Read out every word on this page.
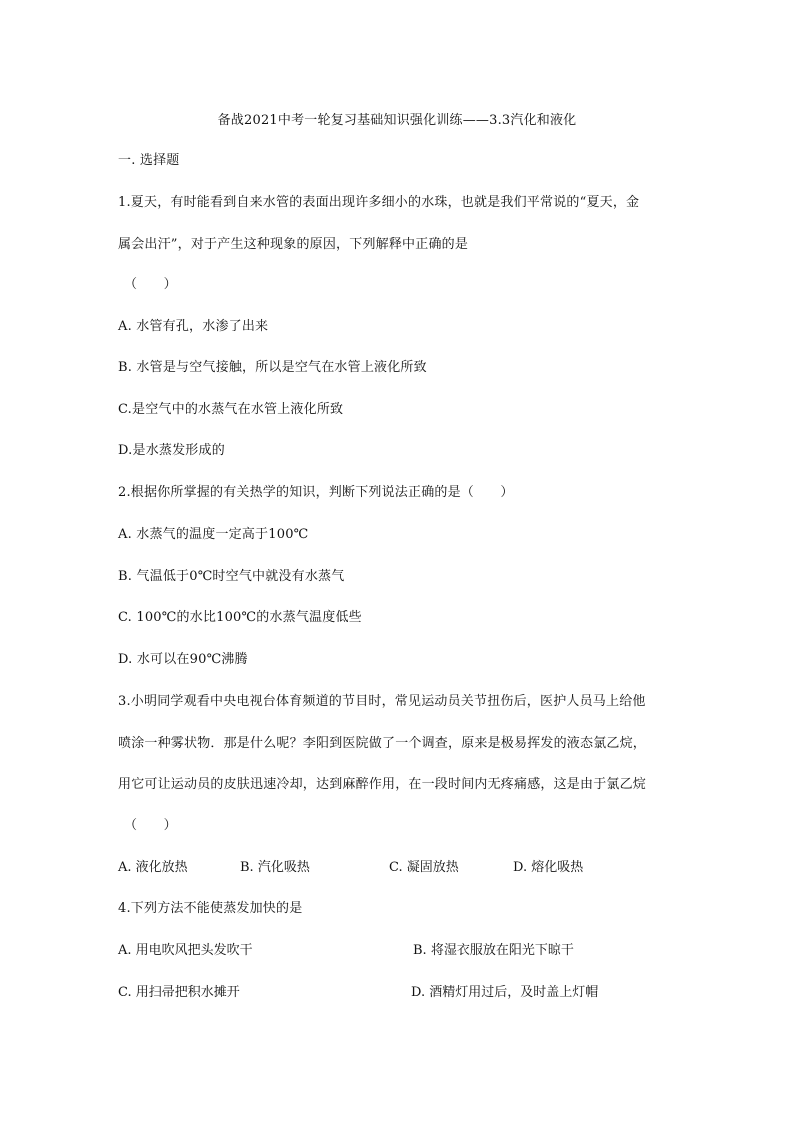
备战2021中考一轮复习基础知识强化训练——3.3汽化和液化
一. 选择题
1.夏天，有时能看到自来水管的表面出现许多细小的水珠，也就是我们平常说的“夏天，金
属会出汗”，对于产生这种现象的原因，下列解释中正确的是
（　　）
A. 水管有孔，水渗了出来
B. 水管是与空气接触，所以是空气在水管上液化所致
C.是空气中的水蒸气在水管上液化所致
D.是水蒸发形成的
2.根据你所掌握的有关热学的知识，判断下列说法正确的是（　　）
A. 水蒸气的温度一定高于100℃
B. 气温低于0℃时空气中就没有水蒸气
C. 100℃的水比100℃的水蒸气温度低些
D. 水可以在90℃沸腾
3.小明同学观看中央电视台体育频道的节目时，常见运动员关节扭伤后，医护人员马上给他
喷涂一种雾状物．那是什么呢？李阳到医院做了一个调查，原来是极易挥发的液态氯乙烷，
用它可让运动员的皮肤迅速冷却，达到麻醉作用，在一段时间内无疼痛感，这是由于氯乙烷
（　　）
A. 液化放热	B. 汽化吸热	C. 凝固放热	D. 熔化吸热
4.下列方法不能使蒸发加快的是
A. 用电吹风把头发吹干	B. 将湿衣服放在阳光下晾干
C. 用扫帚把积水摊开	D. 酒精灯用过后，及时盖上灯帽
